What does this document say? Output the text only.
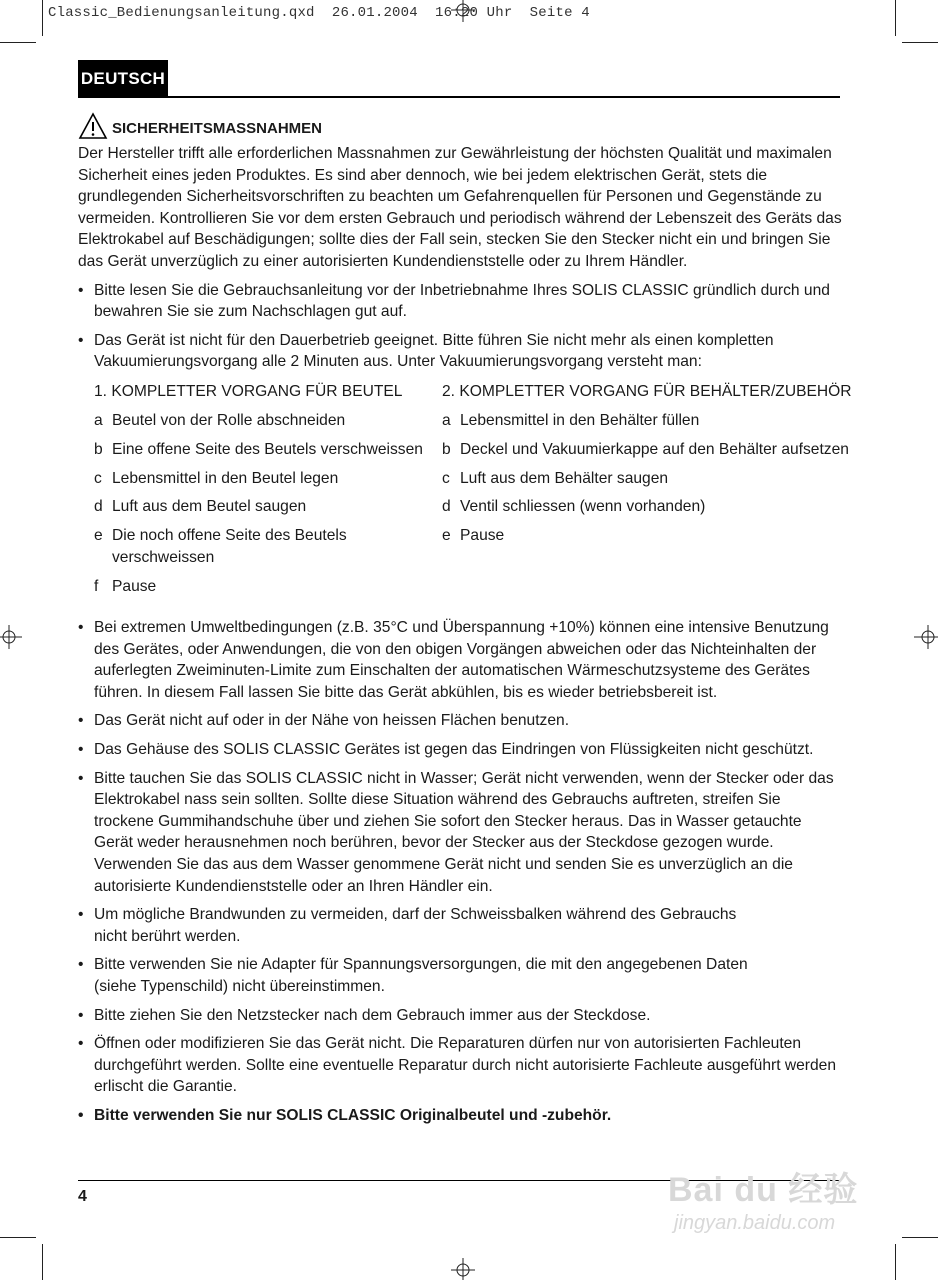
Classic_Bedienungsanleitung.qxd  26.01.2004  16:20 Uhr  Seite 4
DEUTSCH
SICHERHEITSMASSNAHMEN

Der Hersteller trifft alle erforderlichen Massnahmen zur Gewährleistung der höchsten Qualität und maximalen Sicherheit eines jeden Produktes. Es sind aber dennoch, wie bei jedem elektrischen Gerät, stets die grundlegenden Sicherheitsvorschriften zu beachten um Gefahrenquellen für Personen und Gegenstände zu vermeiden. Kontrollieren Sie vor dem ersten Gebrauch und periodisch während der Lebenszeit des Geräts das Elektrokabel auf Beschädigungen; sollte dies der Fall sein, stecken Sie den Stecker nicht ein und bringen Sie das Gerät unverzüglich zu einer autorisierten Kundendienststelle oder zu Ihrem Händler.

• Bitte lesen Sie die Gebrauchsanleitung vor der Inbetriebnahme Ihres SOLIS CLASSIC gründlich durch und bewahren Sie sie zum Nachschlagen gut auf.
• Das Gerät ist nicht für den Dauerbetrieb geeignet. Bitte führen Sie nicht mehr als einen kompletten Vakuumierungsvorgang alle 2 Minuten aus. Unter Vakuumierungsvorgang versteht man:
1. KOMPLETTER VORGANG FÜR BEUTEL
a Beutel von der Rolle abschneiden
b Eine offene Seite des Beutels verschweissen
c Lebensmittel in den Beutel legen
d Luft aus dem Beutel saugen
e Die noch offene Seite des Beutels verschweissen
f Pause
2. KOMPLETTER VORGANG FÜR BEHÄLTER/ZUBEHÖR
a Lebensmittel in den Behälter füllen
b Deckel und Vakuumierkappe auf den Behälter aufsetzen
c Luft aus dem Behälter saugen
d Ventil schliessen (wenn vorhanden)
e Pause
• Bei extremen Umweltbedingungen (z.B. 35°C und Überspannung +10%) können eine intensive Benutzung des Gerätes, oder Anwendungen, die von den obigen Vorgängen abweichen oder das Nichteinhalten der auferlegten Zweiminuten-Limite zum Einschalten der automatischen Wärmeschutzsysteme des Gerätes führen. In diesem Fall lassen Sie bitte das Gerät abkühlen, bis es wieder betriebsbereit ist.
• Das Gerät nicht auf oder in der Nähe von heissen Flächen benutzen.
• Das Gehäuse des SOLIS CLASSIC Gerätes ist gegen das Eindringen von Flüssigkeiten nicht geschützt.
• Bitte tauchen Sie das SOLIS CLASSIC nicht in Wasser; Gerät nicht verwenden, wenn der Stecker oder das Elektrokabel nass sein sollten. Sollte diese Situation während des Gebrauchs auftreten, streifen Sie trockene Gummihandschuhe über und ziehen Sie sofort den Stecker heraus. Das in Wasser getauchte Gerät weder herausnehmen noch berühren, bevor der Stecker aus der Steckdose gezogen wurde. Verwenden Sie das aus dem Wasser genommene Gerät nicht und senden Sie es unverzüglich an die autorisierte Kundendienststelle oder an Ihren Händler ein.
• Um mögliche Brandwunden zu vermeiden, darf der Schweissbalken während des Gebrauchs nicht berührt werden.
• Bitte verwenden Sie nie Adapter für Spannungsversorgungen, die mit den angegebenen Daten (siehe Typenschild) nicht übereinstimmen.
• Bitte ziehen Sie den Netzstecker nach dem Gebrauch immer aus der Steckdose.
• Öffnen oder modifizieren Sie das Gerät nicht. Die Reparaturen dürfen nur von autorisierten Fachleuten durchgeführt werden. Sollte eine eventuelle Reparatur durch nicht autorisierte Fachleute ausgeführt werden erlischt die Garantie.
• Bitte verwenden Sie nur SOLIS CLASSIC Originalbeutel und -zubehör.
4	Bai du 经验
jingyan.baidu.com
